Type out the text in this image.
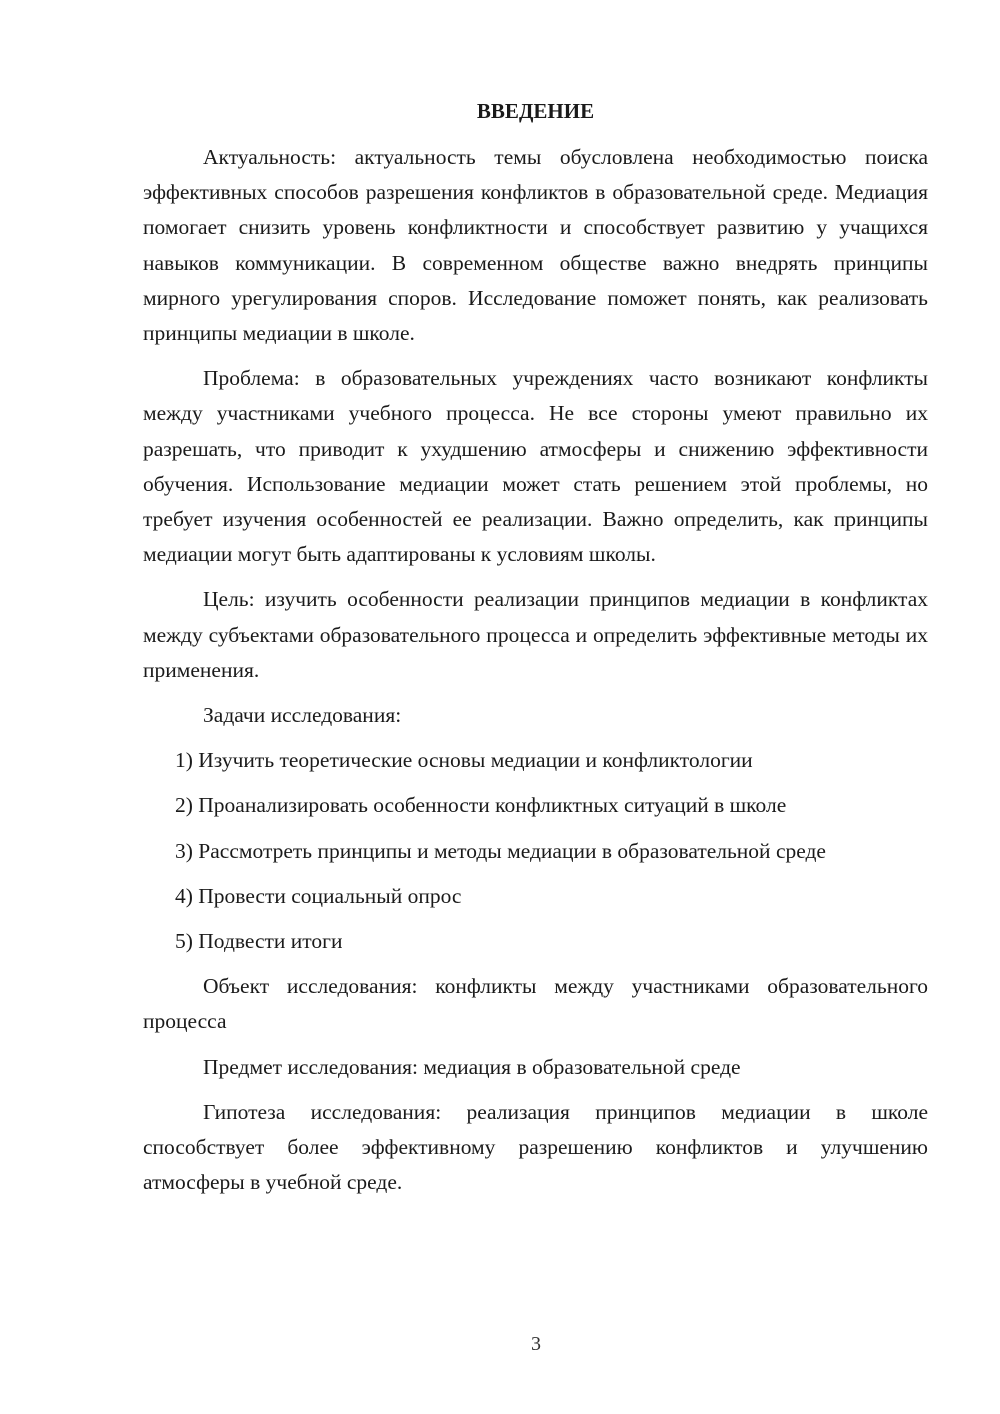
ВВЕДЕНИЕ
Актуальность: актуальность темы обусловлена необходимостью поиска эффективных способов разрешения конфликтов в образовательной среде. Медиация помогает снизить уровень конфликтности и способствует развитию у учащихся навыков коммуникации. В современном обществе важно внедрять принципы мирного урегулирования споров. Исследование поможет понять, как реализовать принципы медиации в школе.
Проблема: в образовательных учреждениях часто возникают конфликты между участниками учебного процесса. Не все стороны умеют правильно их разрешать, что приводит к ухудшению атмосферы и снижению эффективности обучения. Использование медиации может стать решением этой проблемы, но требует изучения особенностей ее реализации. Важно определить, как принципы медиации могут быть адаптированы к условиям школы.
Цель: изучить особенности реализации принципов медиации в конфликтах между субъектами образовательного процесса и определить эффективные методы их применения.
Задачи исследования:
1) Изучить теоретические основы медиации и конфликтологии
2) Проанализировать особенности конфликтных ситуаций в школе
3) Рассмотреть принципы и методы медиации в образовательной среде
4) Провести социальный опрос
5) Подвести итоги
Объект исследования: конфликты между участниками образовательного процесса
Предмет исследования: медиация в образовательной среде
Гипотеза исследования: реализация принципов медиации в школе способствует более эффективному разрешению конфликтов и улучшению атмосферы в учебной среде.
3
